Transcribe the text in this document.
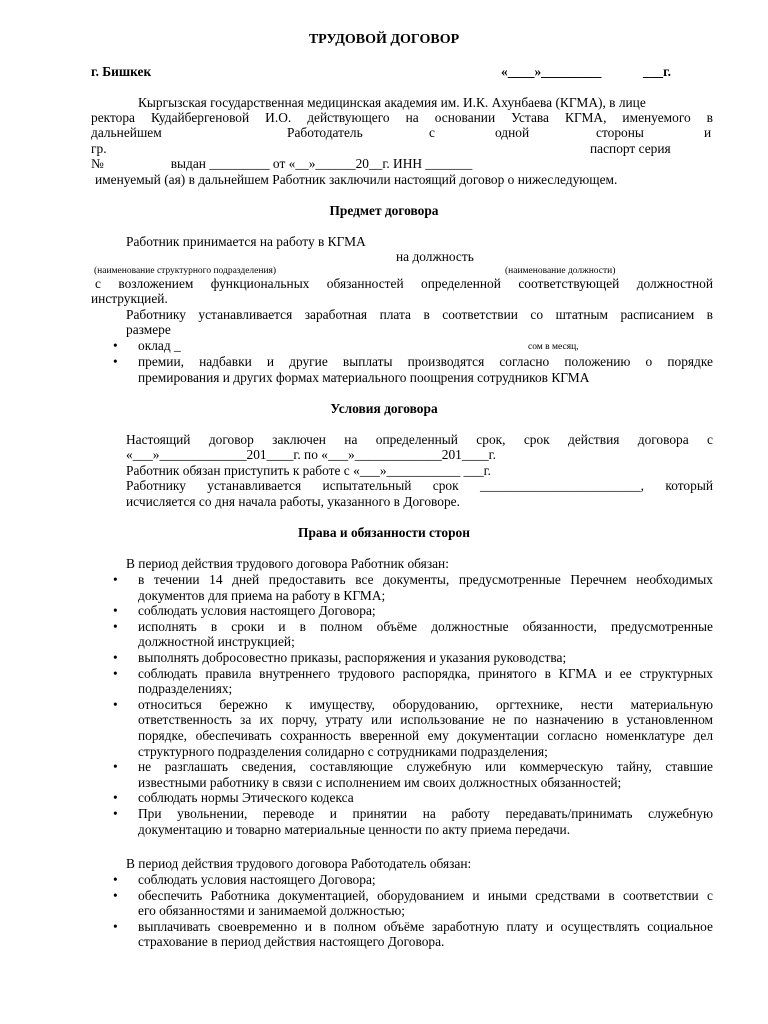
ТРУДОВОЙ ДОГОВОР
г. Бишкек	«____»_________	___г.
Кыргызская государственная медицинская академия им. И.К. Ахунбаева (КГМА), в лице
ректора Кудайбергеновой И.О. действующего на основании Устава КГМА, именуемого в
дальнейшем	Работодатель	с	одной	стороны	и
гр.	паспорт серия
№                    выдан _________ от «__»______20__г. ИНН _______
именуемый (ая) в дальнейшем Работник заключили настоящий договор о нижеследующем.
Предмет договора
Работник принимается на работу в КГМА
на должность
(наименование структурного подразделения)	(наименование должности)
с возложением функциональных обязанностей определенной соответствующей должностной
инструкцией.
Работнику устанавливается заработная плата в соответствии со штатным расписанием в
размере
• оклад _	сом в месяц,
• премии, надбавки и другие выплаты производятся согласно положению о порядке
премирования и других формах материального поощрения сотрудников КГМА
Условия договора
Настоящий договор заключен на определенный срок, срок действия договора с
«___»_____________201____г. по «___»_____________201____г.
Работник обязан приступить к работе с «___»___________ ___г.
Работнику устанавливается испытательный срок ________________________, который
исчисляется со дня начала работы, указанного в Договоре.
Права и обязанности сторон
В период действия трудового договора Работник обязан:
• в течении 14 дней предоставить все документы, предусмотренные Перечнем необходимых
документов для приема на работу в КГМА;
• соблюдать условия настоящего Договора;
• исполнять в сроки и в полном объёме должностные обязанности, предусмотренные
должностной инструкцией;
• выполнять добросовестно приказы, распоряжения и указания руководства;
• соблюдать правила внутреннего трудового распорядка, принятого в КГМА и ее структурных
подразделениях;
• относиться бережно к имуществу, оборудованию, оргтехнике, нести материальную
ответственность за их порчу, утрату или использование не по назначению в установленном
порядке, обеспечивать сохранность вверенной ему документации согласно номенклатуре дел
структурного подразделения солидарно с сотрудниками подразделения;
• не разглашать сведения, составляющие служебную или коммерческую тайну, ставшие
известными работнику в связи с исполнением им своих должностных обязанностей;
• соблюдать нормы Этического кодекса
• При увольнении, переводе и принятии на работу передавать/принимать служебную
документацию и товарно материальные ценности по акту приема передачи.
В период действия трудового договора Работодатель обязан:
• соблюдать условия настоящего Договора;
• обеспечить Работника документацией, оборудованием и иными средствами в соответствии с
его обязанностями и занимаемой должностью;
• выплачивать своевременно и в полном объёме заработную плату и осуществлять социальное
страхование в период действия настоящего Договора.
